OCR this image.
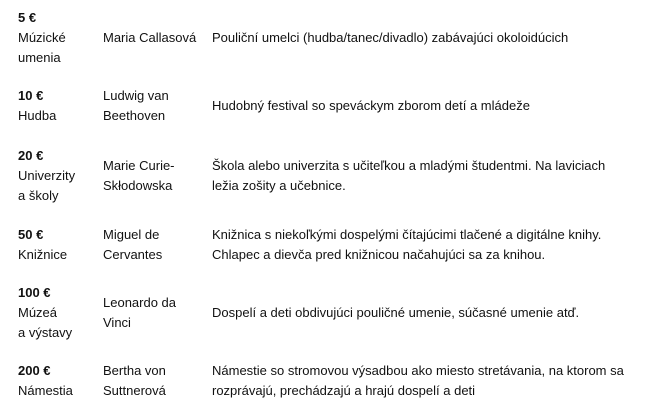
5 €
Múzické
umenia
Maria Callasová	Pouliční umelci (hudba/tanec/divadlo) zabávajúci okoloidúcich
10 €
Hudba
Ludwig van
Beethoven
Hudobný festival so speváckym zborom detí a mládeže
20 €
Univerzity
a školy
Marie Curie-
Skłodowska
Škola alebo univerzita s učiteľkou a mladými študentmi. Na laviciach
ležia zošity a učebnice.
50 €
Knižnice
Miguel de
Cervantes
Knižnica s niekoľkými dospelými čítajúcimi tlačené a digitálne knihy.
Chlapec a dievča pred knižnicou načahujúci sa za knihou.
100 €
Múzeá
a výstavy
Leonardo da
Vinci
Dospelí a deti obdivujúci pouličné umenie, súčasné umenie atď.
200 €
Námestia
Bertha von
Suttnerová
Námestie so stromovou výsadbou ako miesto stretávania, na ktorom sa
rozprávajú, prechádzajú a hrajú dospelí a deti
